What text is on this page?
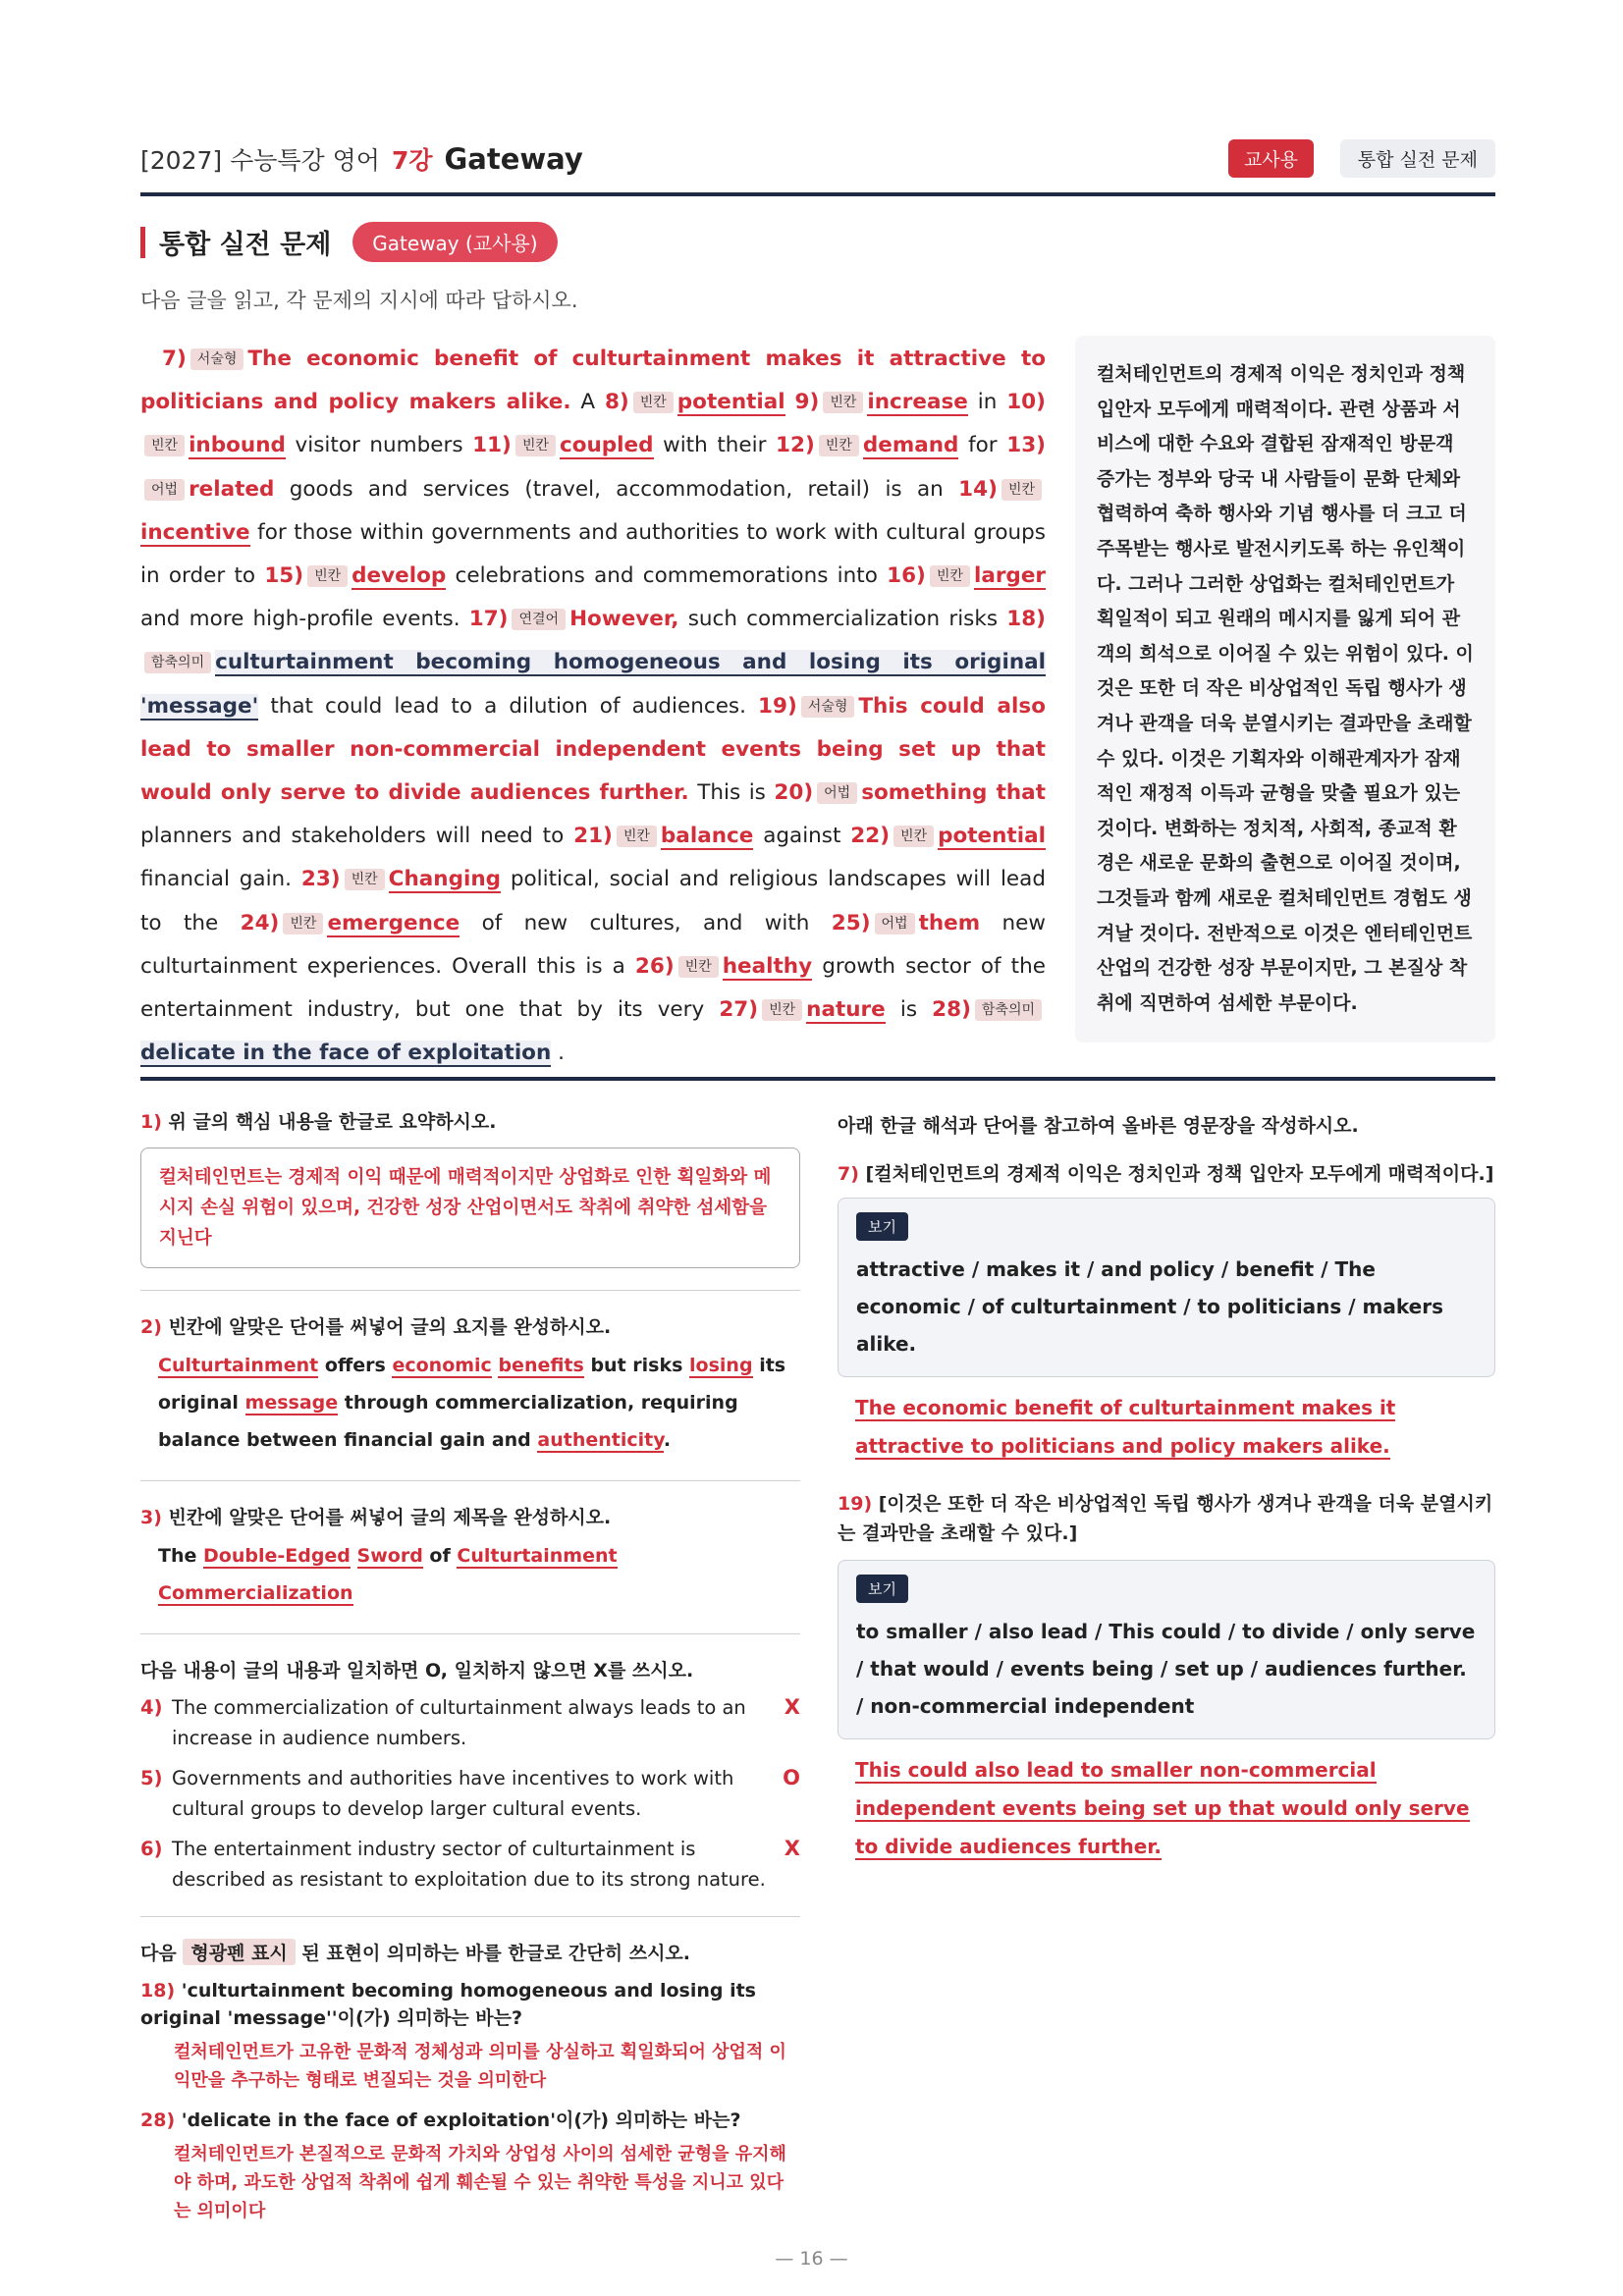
[2027] 수능특강 영어 7강 Gateway	교사용	통합 실전 문제
통합 실전 문제 Gateway (교사용)
다음 글을 읽고, 각 문제의 지시에 따라 답하시오.
7) 서술형 The economic benefit of culturtainment makes it attractive to politicians and policy makers alike. A 8) 빈칸 potential 9) 빈칸 increase in 10)빈칸 inbound visitor numbers 11) 빈칸 coupled with their 12) 빈칸 demand for 13)어법 related goods and services (travel, accommodation, retail) is an 14) 빈칸incentive for those within governments and authorities to work with cultural groups in order to 15) 빈칸 develop celebrations and commemorations into 16) 빈칸 larger and more high-profile events. 17) 연결어 However, such commercialization risks 18)함축의미 culturtainment becoming homogeneous and losing its original 'message' that could lead to a dilution of audiences. 19) 서술형 This could also lead to smaller non-commercial independent events being set up that would only serve to divide audiences further. This is 20) 어법 something that planners and stakeholders will need to 21) 빈칸 balance against 22) 빈칸 potential financial gain. 23) 빈칸 Changing political, social and religious landscapes will lead to the 24) 빈칸 emergence of new cultures, and with 25) 어법 them new culturtainment experiences. Overall this is a 26) 빈칸 healthy growth sector of the entertainment industry, but one that by its very 27) 빈칸 nature is 28) 함축의미delicate in the face of exploitation .
컬처테인먼트의 경제적 이익은 정치인과 정책 입안자 모두에게 매력적이다. 관련 상품과 서비스에 대한 수요와 결합된 잠재적인 방문객 증가는 정부와 당국 내 사람들이 문화 단체와 협력하여 축하 행사와 기념 행사를 더 크고 더 주목받는 행사로 발전시키도록 하는 유인책이다. 그러나 그러한 상업화는 컬처테인먼트가 획일적이 되고 원래의 메시지를 잃게 되어 관객의 희석으로 이어질 수 있는 위험이 있다. 이것은 또한 더 작은 비상업적인 독립 행사가 생겨나 관객을 더욱 분열시키는 결과만을 초래할 수 있다. 이것은 기획자와 이해관계자가 잠재적인 재정적 이득과 균형을 맞출 필요가 있는 것이다. 변화하는 정치적, 사회적, 종교적 환경은 새로운 문화의 출현으로 이어질 것이며, 그것들과 함께 새로운 컬처테인먼트 경험도 생겨날 것이다. 전반적으로 이것은 엔터테인먼트 산업의 건강한 성장 부문이지만, 그 본질상 착취에 직면하여 섬세한 부문이다.
1) 위 글의 핵심 내용을 한글로 요약하시오.
컬처테인먼트는 경제적 이익 때문에 매력적이지만 상업화로 인한 획일화와 메시지 손실 위험이 있으며, 건강한 성장 산업이면서도 착취에 취약한 섬세함을 지닌다
2) 빈칸에 알맞은 단어를 써넣어 글의 요지를 완성하시오.
Culturtainment offers economic benefits but risks losing its original message through commercialization, requiring balance between financial gain and authenticity.
3) 빈칸에 알맞은 단어를 써넣어 글의 제목을 완성하시오.
The Double-Edged Sword of Culturtainment Commercialization
다음 내용이 글의 내용과 일치하면 O, 일치하지 않으면 X를 쓰시오.
4) The commercialization of culturtainment always leads to an increase in audience numbers.
X
5) Governments and authorities have incentives to work with cultural groups to develop larger cultural events.
O
6) The entertainment industry sector of culturtainment is described as resistant to exploitation due to its strong nature.
X
다음 형광펜 표시 된 표현이 의미하는 바를 한글로 간단히 쓰시오.
18) 'culturtainment becoming homogeneous and losing its original 'message''이(가) 의미하는 바는?
컬처테인먼트가 고유한 문화적 정체성과 의미를 상실하고 획일화되어 상업적 이익만을 추구하는 형태로 변질되는 것을 의미한다
28) 'delicate in the face of exploitation'이(가) 의미하는 바는?
컬처테인먼트가 본질적으로 문화적 가치와 상업성 사이의 섬세한 균형을 유지해야 하며, 과도한 상업적 착취에 쉽게 훼손될 수 있는 취약한 특성을 지니고 있다는 의미이다
아래 한글 해석과 단어를 참고하여 올바른 영문장을 작성하시오.
7) [컬처테인먼트의 경제적 이익은 정치인과 정책 입안자 모두에게 매력적이다.]
보기
attractive / makes it / and policy / benefit / The economic / of culturtainment / to politicians / makers alike.
The economic benefit of culturtainment makes it attractive to politicians and policy makers alike.
19) [이것은 또한 더 작은 비상업적인 독립 행사가 생겨나 관객을 더욱 분열시키는 결과만을 초래할 수 있다.]
보기
to smaller / also lead / This could / to divide / only serve / that would / events being / set up / audiences further. / non-commercial independent
This could also lead to smaller non-commercial independent events being set up that would only serve to divide audiences further.
— 16 —
